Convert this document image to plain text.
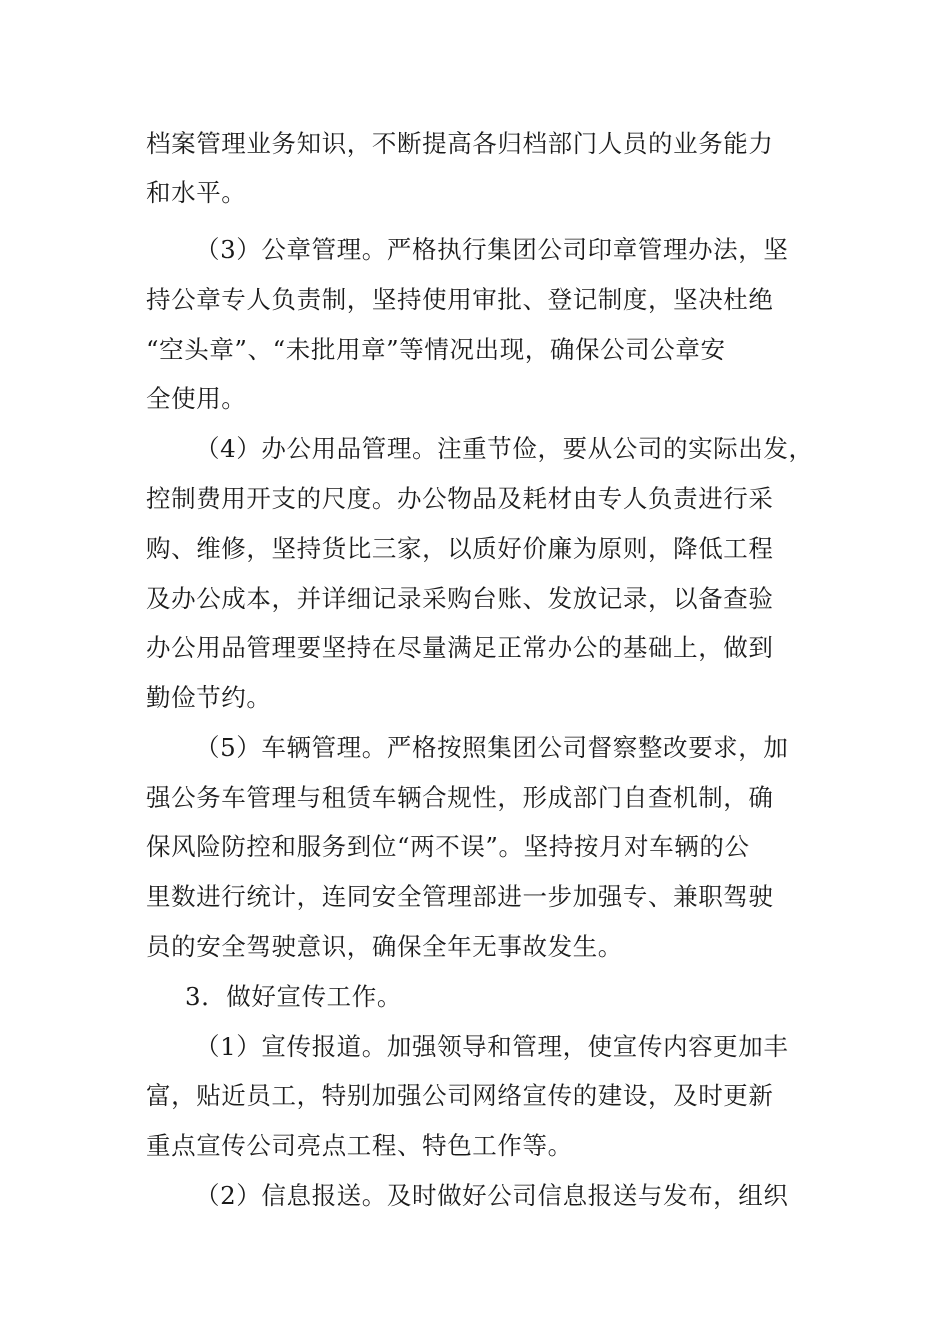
档案管理业务知识，不断提高各归档部门人员的业务能力
和水平。
（3）公章管理。严格执行集团公司印章管理办法，坚
持公章专人负责制，坚持使用审批、登记制度，坚决杜绝
“空头章”、“未批用章”等情况出现，确保公司公章安
全使用。
（4）办公用品管理。注重节俭，要从公司的实际出发，
控制费用开支的尺度。办公物品及耗材由专人负责进行采
购、维修，坚持货比三家，以质好价廉为原则，降低工程
及办公成本，并详细记录采购台账、发放记录，以备查验
办公用品管理要坚持在尽量满足正常办公的基础上，做到
勤俭节约。
（5）车辆管理。严格按照集团公司督察整改要求，加
强公务车管理与租赁车辆合规性，形成部门自查机制，确
保风险防控和服务到位“两不误”。坚持按月对车辆的公
里数进行统计，连同安全管理部进一步加强专、兼职驾驶
员的安全驾驶意识，确保全年无事故发生。
3．做好宣传工作。
（1）宣传报道。加强领导和管理，使宣传内容更加丰
富，贴近员工，特别加强公司网络宣传的建设，及时更新
重点宣传公司亮点工程、特色工作等。
（2）信息报送。及时做好公司信息报送与发布，组织
